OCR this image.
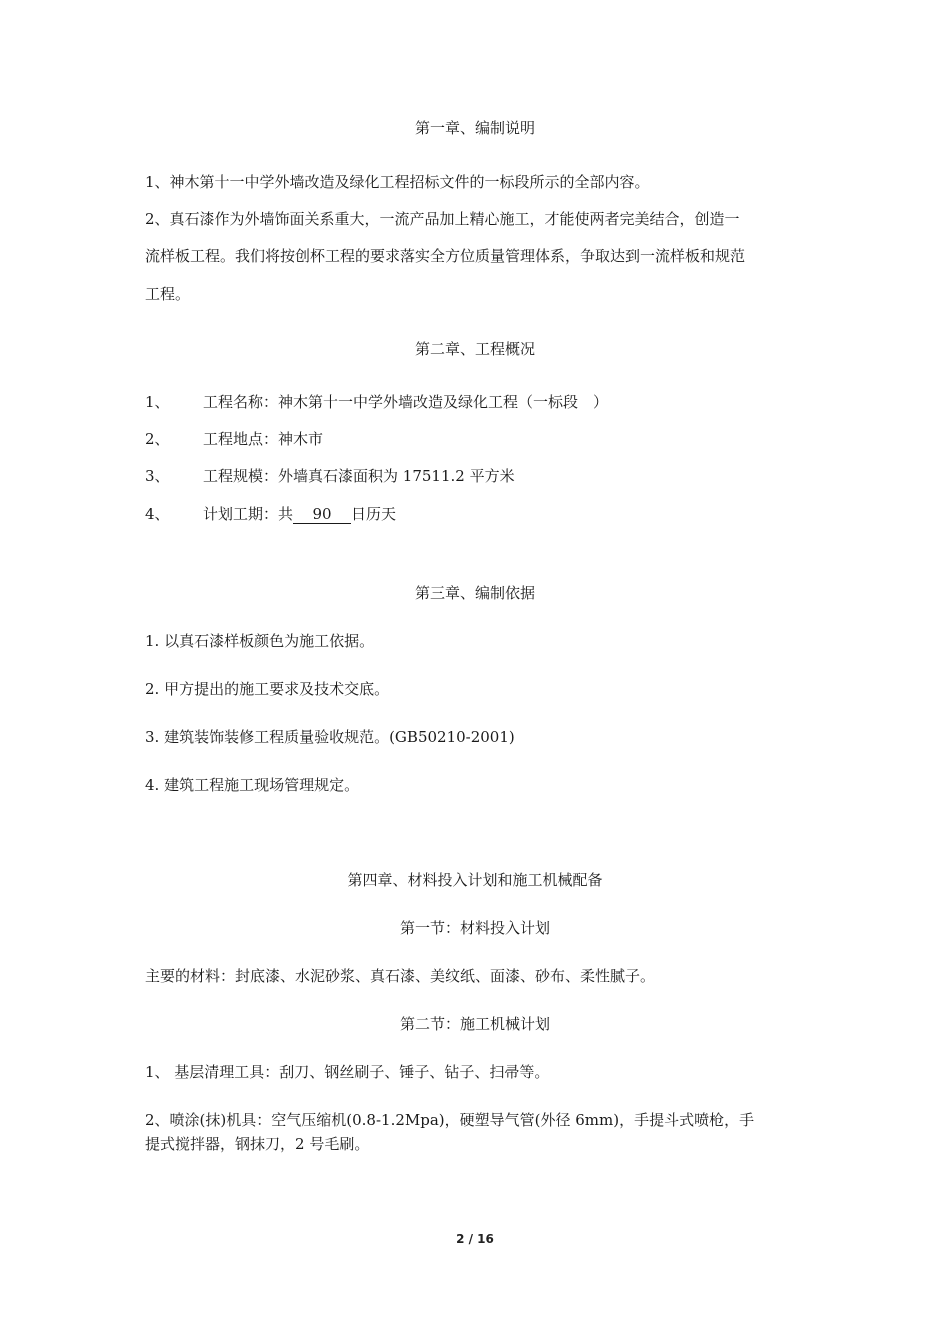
第一章、编制说明
1、神木第十一中学外墙改造及绿化工程招标文件的一标段所示的全部内容。
2、真石漆作为外墙饰面关系重大，一流产品加上精心施工，才能使两者完美结合，创造一
流样板工程。我们将按创杯工程的要求落实全方位质量管理体系，争取达到一流样板和规范
工程。
第二章、工程概况
1、 工程名称：神木第十一中学外墙改造及绿化工程（一标段　）
2、 工程地点：神木市
3、 工程规模：外墙真石漆面积为 17511.2 平方米
4、 计划工期：共 90 日历天
第三章、编制依据
1. 以真石漆样板颜色为施工依据。
2. 甲方提出的施工要求及技术交底。
3. 建筑装饰装修工程质量验收规范。(GB50210-2001)
4. 建筑工程施工现场管理规定。
第四章、材料投入计划和施工机械配备
第一节：材料投入计划
主要的材料：封底漆、水泥砂浆、真石漆、美纹纸、面漆、砂布、柔性腻子。
第二节：施工机械计划
1、 基层清理工具：刮刀、钢丝刷子、锤子、钻子、扫帚等。
2、喷涂(抹)机具：空气压缩机(0.8-1.2Mpa)，硬塑导气管(外径 6mm)，手提斗式喷枪，手
提式搅拌器，钢抹刀，2 号毛刷。
2 / 16
